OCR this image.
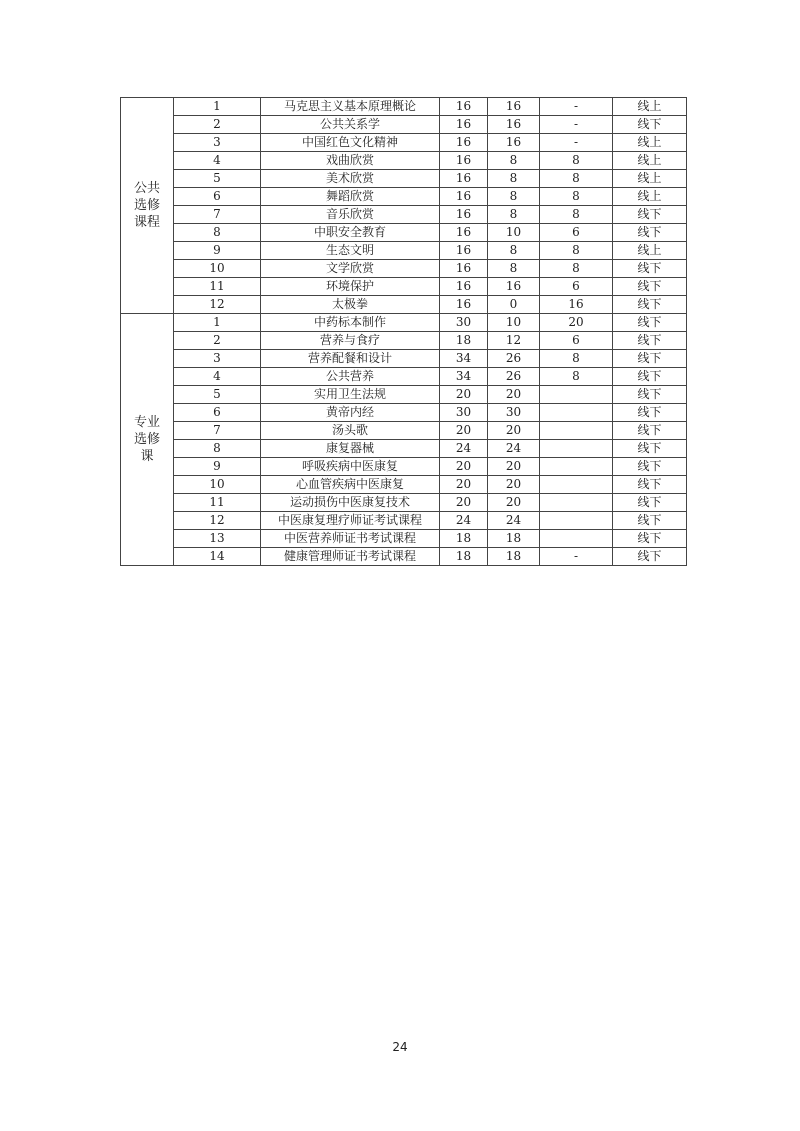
公共
选修
课程	1	马克思主义基本原理概论	16	16	-	线上
	2	公共关系学	16	16	-	线下
	3	中国红色文化精神	16	16	-	线上
	4	戏曲欣赏	16	8	8	线上
	5	美术欣赏	16	8	8	线上
	6	舞蹈欣赏	16	8	8	线上
	7	音乐欣赏	16	8	8	线下
	8	中职安全教育	16	10	6	线下
	9	生态文明	16	8	8	线上
	10	文学欣赏	16	8	8	线下
	11	环境保护	16	16	6	线下
	12	太极拳	16	0	16	线下

专业
选修
课	1	中药标本制作	30	10	20	线下
	2	营养与食疗	18	12	6	线下
	3	营养配餐和设计	34	26	8	线下
	4	公共营养	34	26	8	线下
	5	实用卫生法规	20	20		线下
	6	黄帝内经	30	30		线下
	7	汤头歌	20	20		线下
	8	康复器械	24	24		线下
	9	呼吸疾病中医康复	20	20		线下
	10	心血管疾病中医康复	20	20		线下
	11	运动损伤中医康复技术	20	20		线下
	12	中医康复理疗师证考试课程	24	24		线下
	13	中医营养师证书考试课程	18	18		线下
	14	健康管理师证书考试课程	18	18	-	线下
24
